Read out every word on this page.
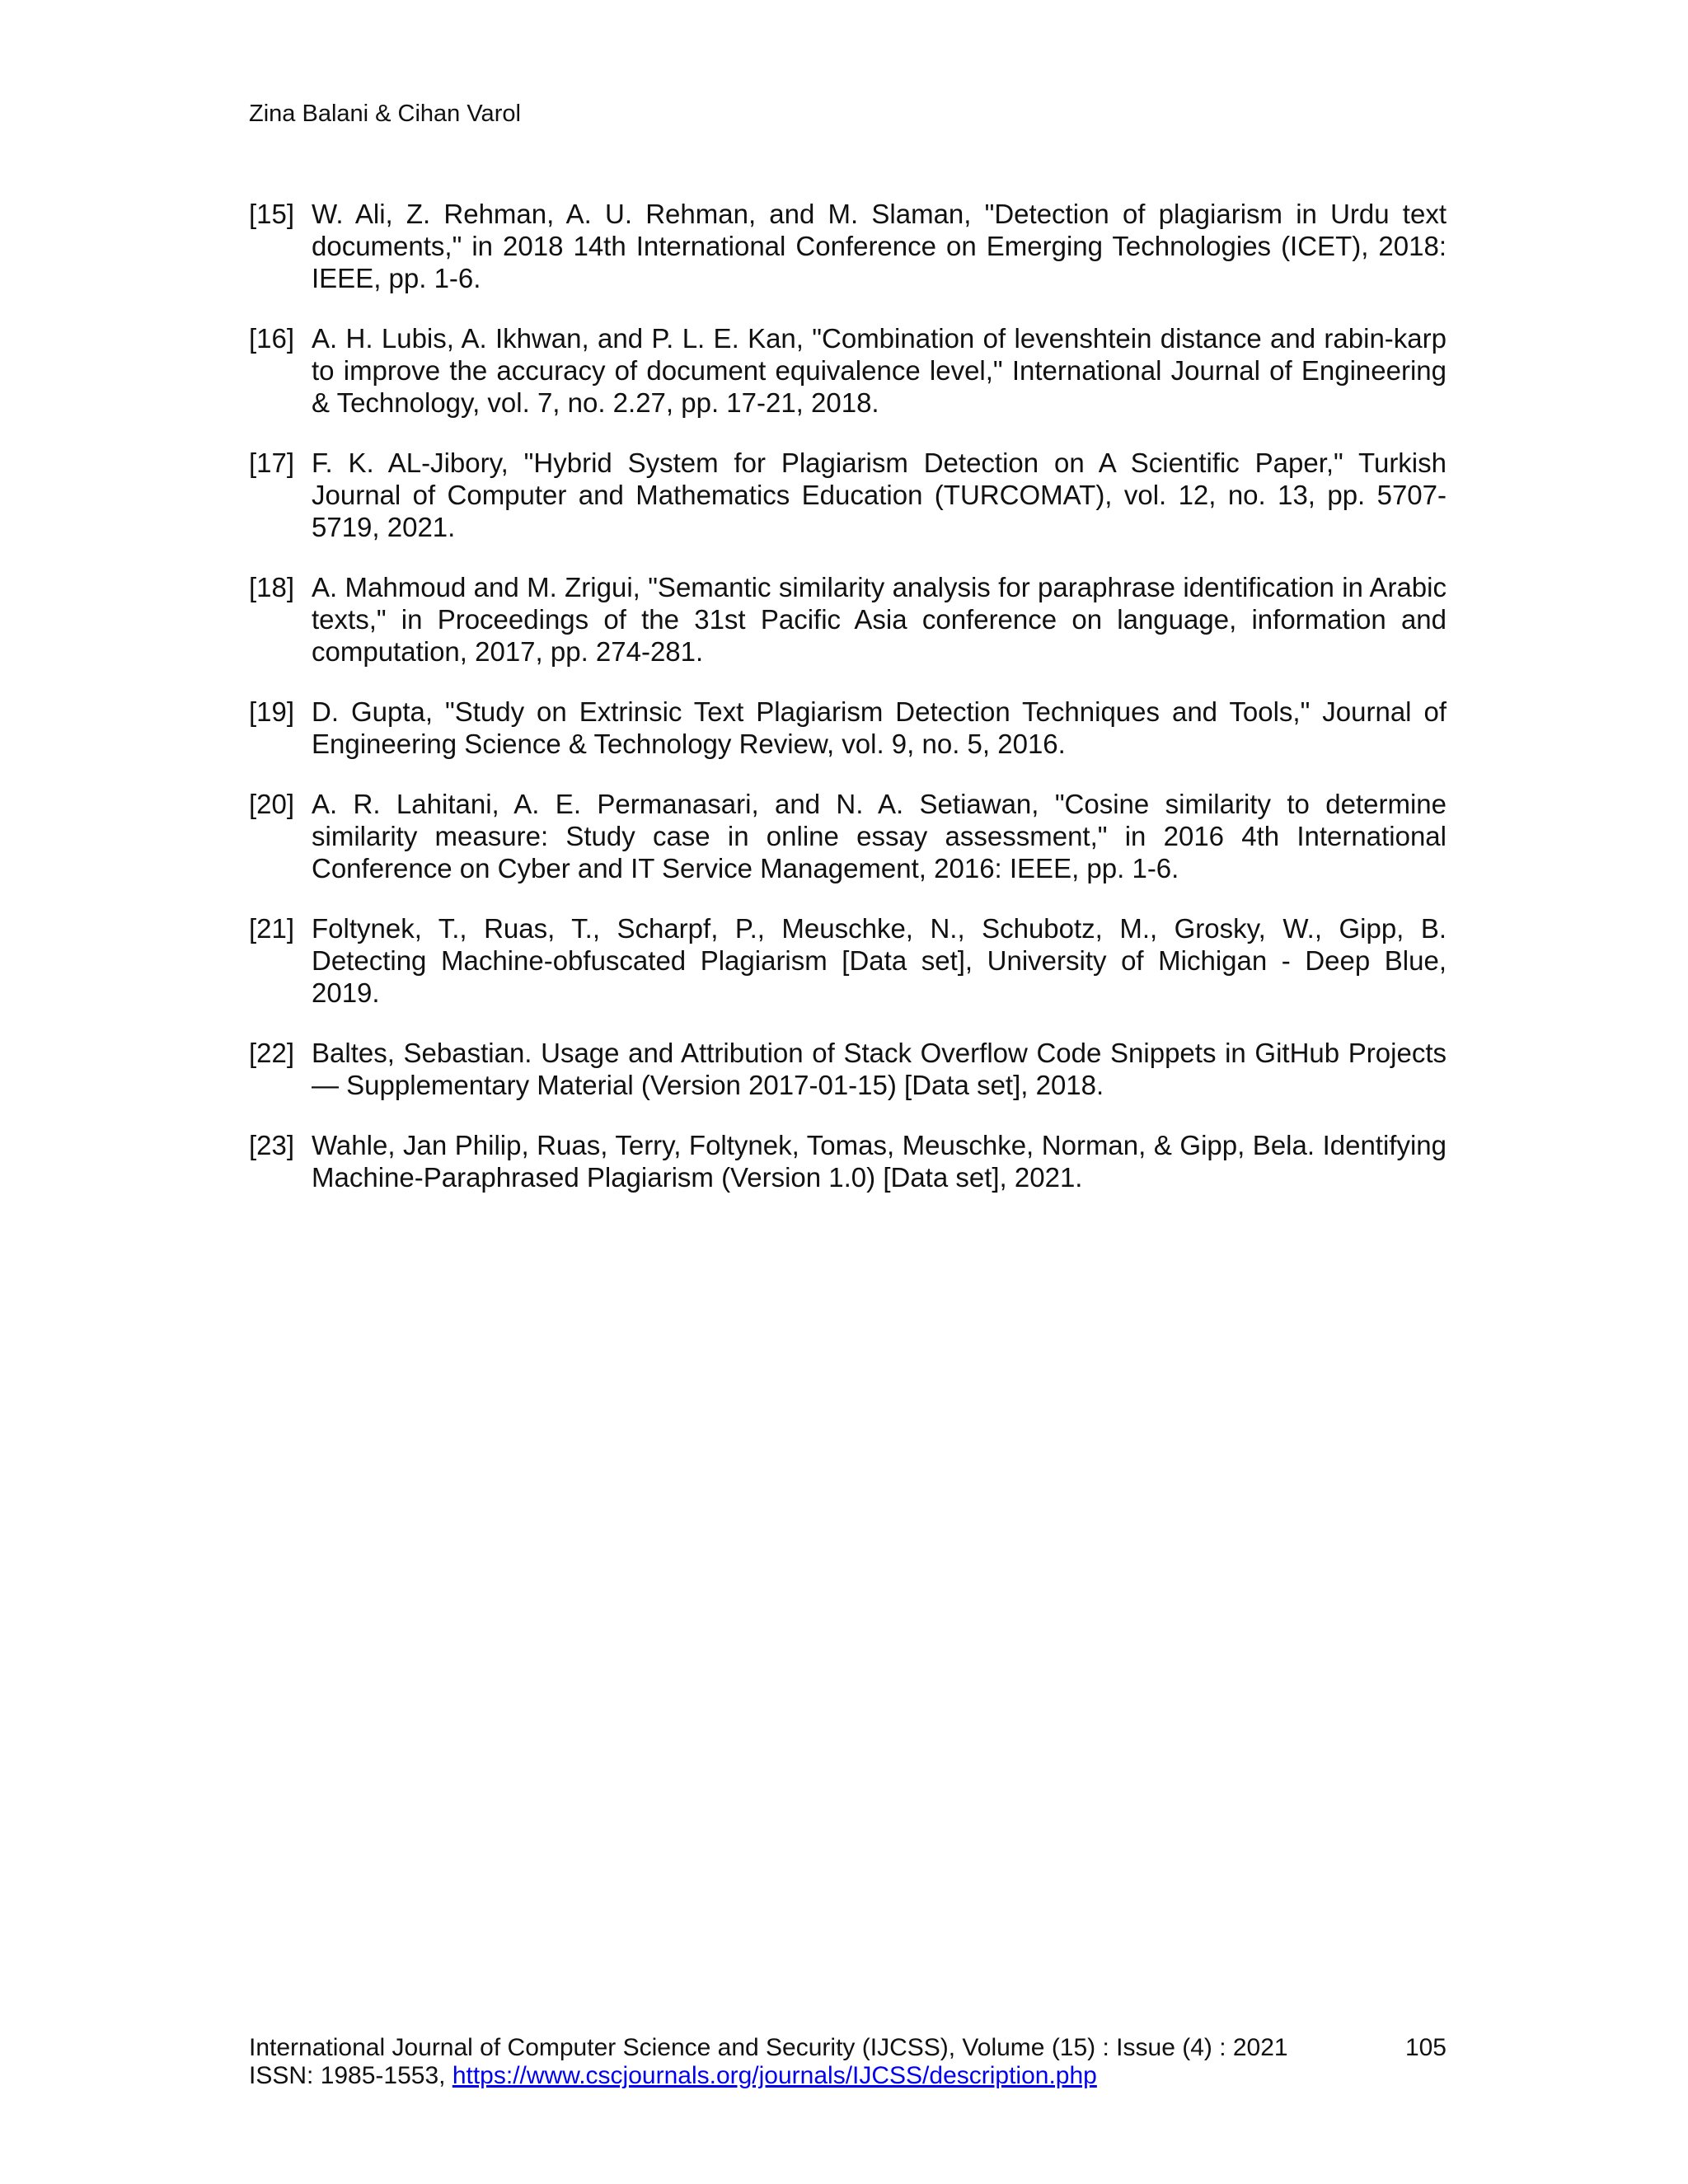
Zina Balani & Cihan Varol
[15] W. Ali, Z. Rehman, A. U. Rehman, and M. Slaman, "Detection of plagiarism in Urdu text documents," in 2018 14th International Conference on Emerging Technologies (ICET), 2018: IEEE, pp. 1-6.
[16] A. H. Lubis, A. Ikhwan, and P. L. E. Kan, "Combination of levenshtein distance and rabin-karp to improve the accuracy of document equivalence level," International Journal of Engineering & Technology, vol. 7, no. 2.27, pp. 17-21, 2018.
[17] F. K. AL-Jibory, "Hybrid System for Plagiarism Detection on A Scientific Paper," Turkish Journal of Computer and Mathematics Education (TURCOMAT), vol. 12, no. 13, pp. 5707-5719, 2021.
[18] A. Mahmoud and M. Zrigui, "Semantic similarity analysis for paraphrase identification in Arabic texts," in Proceedings of the 31st Pacific Asia conference on language, information and computation, 2017, pp. 274-281.
[19] D. Gupta, "Study on Extrinsic Text Plagiarism Detection Techniques and Tools," Journal of Engineering Science & Technology Review, vol. 9, no. 5, 2016.
[20] A. R. Lahitani, A. E. Permanasari, and N. A. Setiawan, "Cosine similarity to determine similarity measure: Study case in online essay assessment," in 2016 4th International Conference on Cyber and IT Service Management, 2016: IEEE, pp. 1-6.
[21] Foltynek, T., Ruas, T., Scharpf, P., Meuschke, N., Schubotz, M., Grosky, W., Gipp, B. Detecting Machine-obfuscated Plagiarism [Data set], University of Michigan - Deep Blue, 2019.
[22] Baltes, Sebastian. Usage and Attribution of Stack Overflow Code Snippets in GitHub Projects — Supplementary Material (Version 2017-01-15) [Data set], 2018.
[23] Wahle, Jan Philip, Ruas, Terry, Foltynek, Tomas, Meuschke, Norman, & Gipp, Bela. Identifying Machine-Paraphrased Plagiarism (Version 1.0) [Data set], 2021.
International Journal of Computer Science and Security (IJCSS), Volume (15) : Issue (4) : 2021	105
ISSN: 1985-1553, https://www.cscjournals.org/journals/IJCSS/description.php
